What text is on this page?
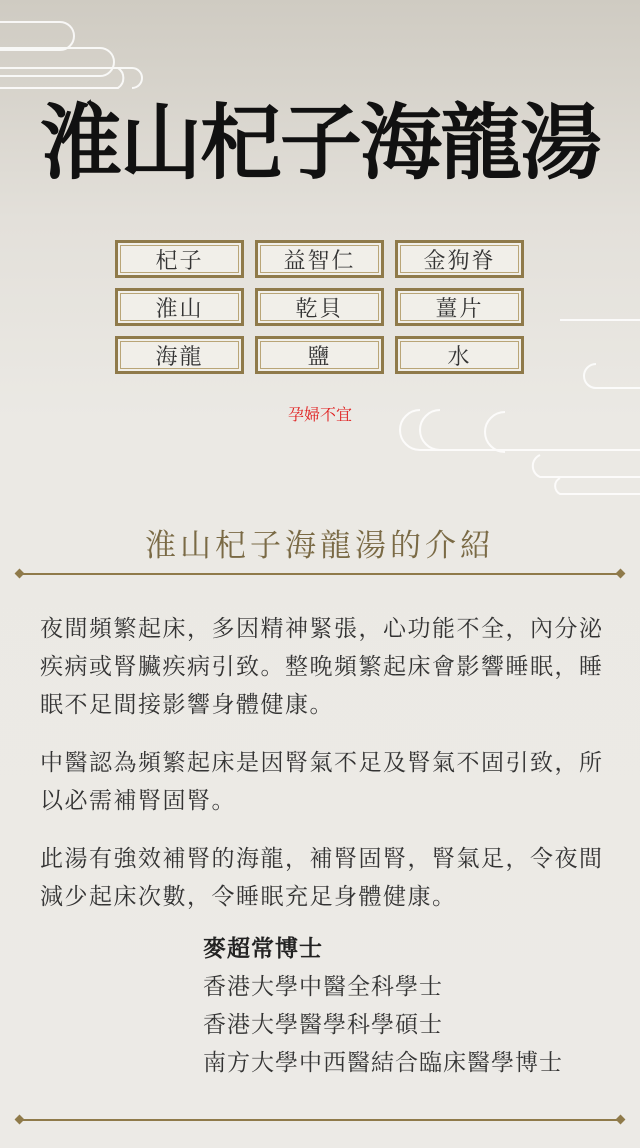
淮山杞子海龍湯
杞子	益智仁	金狗脊
淮山	乾貝	薑片
海龍	鹽	水
孕婦不宜
淮山杞子海龍湯的介紹

夜間頻繁起床，多因精神緊張，心功能不全，內分泌疾病或腎臟疾病引致。整晚頻繁起床會影響睡眠，睡眠不足間接影響身體健康。

中醫認為頻繁起床是因腎氣不足及腎氣不固引致，所以必需補腎固腎。

此湯有強效補腎的海龍，補腎固腎，腎氣足，令夜間減少起床次數，令睡眠充足身體健康。

麥超常博士
香港大學中醫全科學士
香港大學醫學科學碩士
南方大學中西醫結合臨床醫學博士
